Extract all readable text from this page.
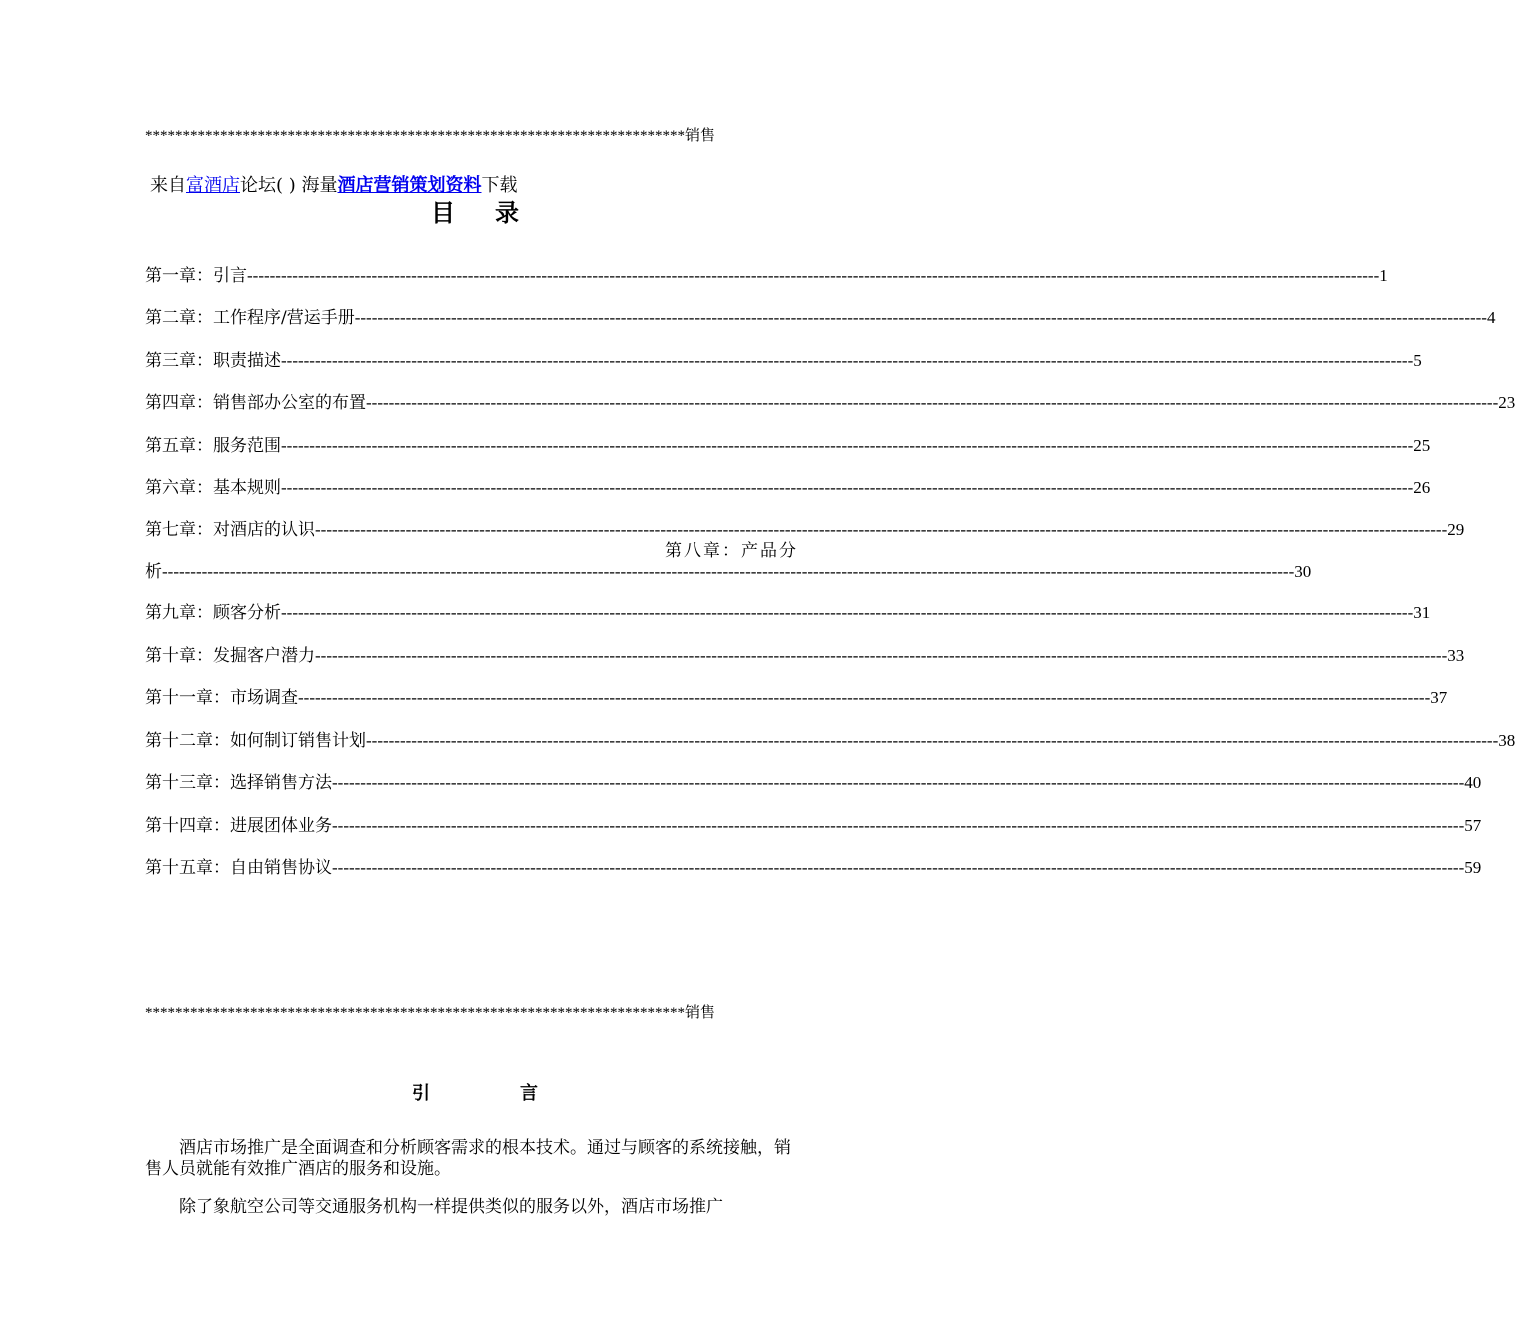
************************************************************************销售
来自富酒店论坛( ) 海量酒店营销策划资料下载
目 录
第一章：引言 -------------------------------------------------------------------------------------------------------------------------------------------------------------------------------------------------------- 1
第二章：工作程序/营运手册 -------------------------------------------------------------------------------------------------------------------------------------------------------------------------------------------------------- 4
第三章：职责描述 -------------------------------------------------------------------------------------------------------------------------------------------------------------------------------------------------------- 5
第四章：销售部办公室的布置 -------------------------------------------------------------------------------------------------------------------------------------------------------------------------------------------------------- 23
第五章：服务范围 -------------------------------------------------------------------------------------------------------------------------------------------------------------------------------------------------------- 25
第六章：基本规则 -------------------------------------------------------------------------------------------------------------------------------------------------------------------------------------------------------- 26
第七章：对酒店的认识 -------------------------------------------------------------------------------------------------------------------------------------------------------------------------------------------------------- 29
第八章：产品分
析 -------------------------------------------------------------------------------------------------------------------------------------------------------------------------------------------------------- 30
第九章：顾客分析 -------------------------------------------------------------------------------------------------------------------------------------------------------------------------------------------------------- 31
第十章：发掘客户潜力 -------------------------------------------------------------------------------------------------------------------------------------------------------------------------------------------------------- 33
第十一章：市场调查 -------------------------------------------------------------------------------------------------------------------------------------------------------------------------------------------------------- 37
第十二章：如何制订销售计划 -------------------------------------------------------------------------------------------------------------------------------------------------------------------------------------------------------- 38
第十三章：选择销售方法 -------------------------------------------------------------------------------------------------------------------------------------------------------------------------------------------------------- 40
第十四章：进展团体业务 -------------------------------------------------------------------------------------------------------------------------------------------------------------------------------------------------------- 57
第十五章：自由销售协议 -------------------------------------------------------------------------------------------------------------------------------------------------------------------------------------------------------- 59
************************************************************************销售
引	言
酒店市场推广是全面调查和分析顾客需求的根本技术。通过与顾客的系统接触，销售人员就能有效推广酒店的服务和设施。
除了象航空公司等交通服务机构一样提供类似的服务以外，酒店市场推广
